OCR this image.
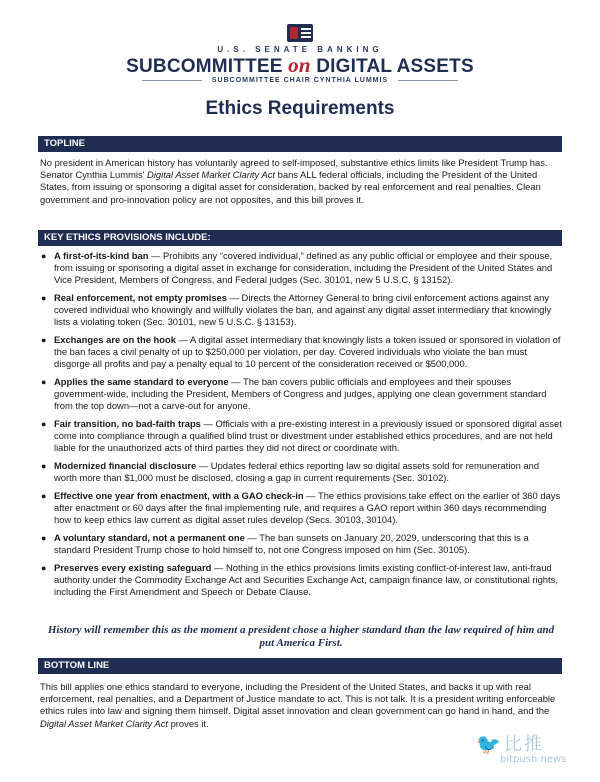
U.S. SENATE BANKING
SUBCOMMITTEE on DIGITAL ASSETS
SUBCOMMITTEE CHAIR CYNTHIA LUMMIS
Ethics Requirements
TOPLINE
No president in American history has voluntarily agreed to self-imposed, substantive ethics limits like President Trump has. Senator Cynthia Lummis' Digital Asset Market Clarity Act bans ALL federal officials, including the President of the United States, from issuing or sponsoring a digital asset for consideration, backed by real enforcement and real penalties. Clean government and pro-innovation policy are not opposites, and this bill proves it.
KEY ETHICS PROVISIONS INCLUDE:
● A first-of-its-kind ban — Prohibits any “covered individual,” defined as any public official or employee and their spouse, from issuing or sponsoring a digital asset in exchange for consideration, including the President of the United States and Vice President, Members of Congress, and Federal judges (Sec. 30101, new 5 U.S.C. § 13152).
● Real enforcement, not empty promises — Directs the Attorney General to bring civil enforcement actions against any covered individual who knowingly and willfully violates the ban, and against any digital asset intermediary that knowingly lists a violating token (Sec. 30101, new 5 U.S.C. § 13153).
● Exchanges are on the hook — A digital asset intermediary that knowingly lists a token issued or sponsored in violation of the ban faces a civil penalty of up to $250,000 per violation, per day. Covered individuals who violate the ban must disgorge all profits and pay a penalty equal to 10 percent of the consideration received or $500,000.
● Applies the same standard to everyone — The ban covers public officials and employees and their spouses government-wide, including the President, Members of Congress and judges, applying one clean government standard from the top down—not a carve-out for anyone.
● Fair transition, no bad-faith traps — Officials with a pre-existing interest in a previously issued or sponsored digital asset come into compliance through a qualified blind trust or divestment under established ethics procedures, and are not held liable for the unauthorized acts of third parties they did not direct or coordinate with.
● Modernized financial disclosure — Updates federal ethics reporting law so digital assets sold for remuneration and worth more than $1,000 must be disclosed, closing a gap in current requirements (Sec. 30102).
● Effective one year from enactment, with a GAO check-in — The ethics provisions take effect on the earlier of 360 days after enactment or 60 days after the final implementing rule, and requires a GAO report within 360 days recommending how to keep ethics law current as digital asset rules develop (Secs. 30103, 30104).
● A voluntary standard, not a permanent one — The ban sunsets on January 20, 2029, underscoring that this is a standard President Trump chose to hold himself to, not one Congress imposed on him (Sec. 30105).
● Preserves every existing safeguard — Nothing in the ethics provisions limits existing conflict-of-interest law, anti-fraud authority under the Commodity Exchange Act and Securities Exchange Act, campaign finance law, or constitutional rights, including the First Amendment and Speech or Debate Clause.
History will remember this as the moment a president chose a higher standard than the law required of him and put America First.
BOTTOM LINE
This bill applies one ethics standard to everyone, including the President of the United States, and backs it up with real enforcement, real penalties, and a Department of Justice mandate to act. This is not talk. It is a president writing enforceable ethics rules into law and signing them himself. Digital asset innovation and clean government can go hand in hand, and the Digital Asset Market Clarity Act proves it.
🐦 比推
bitpush.news
